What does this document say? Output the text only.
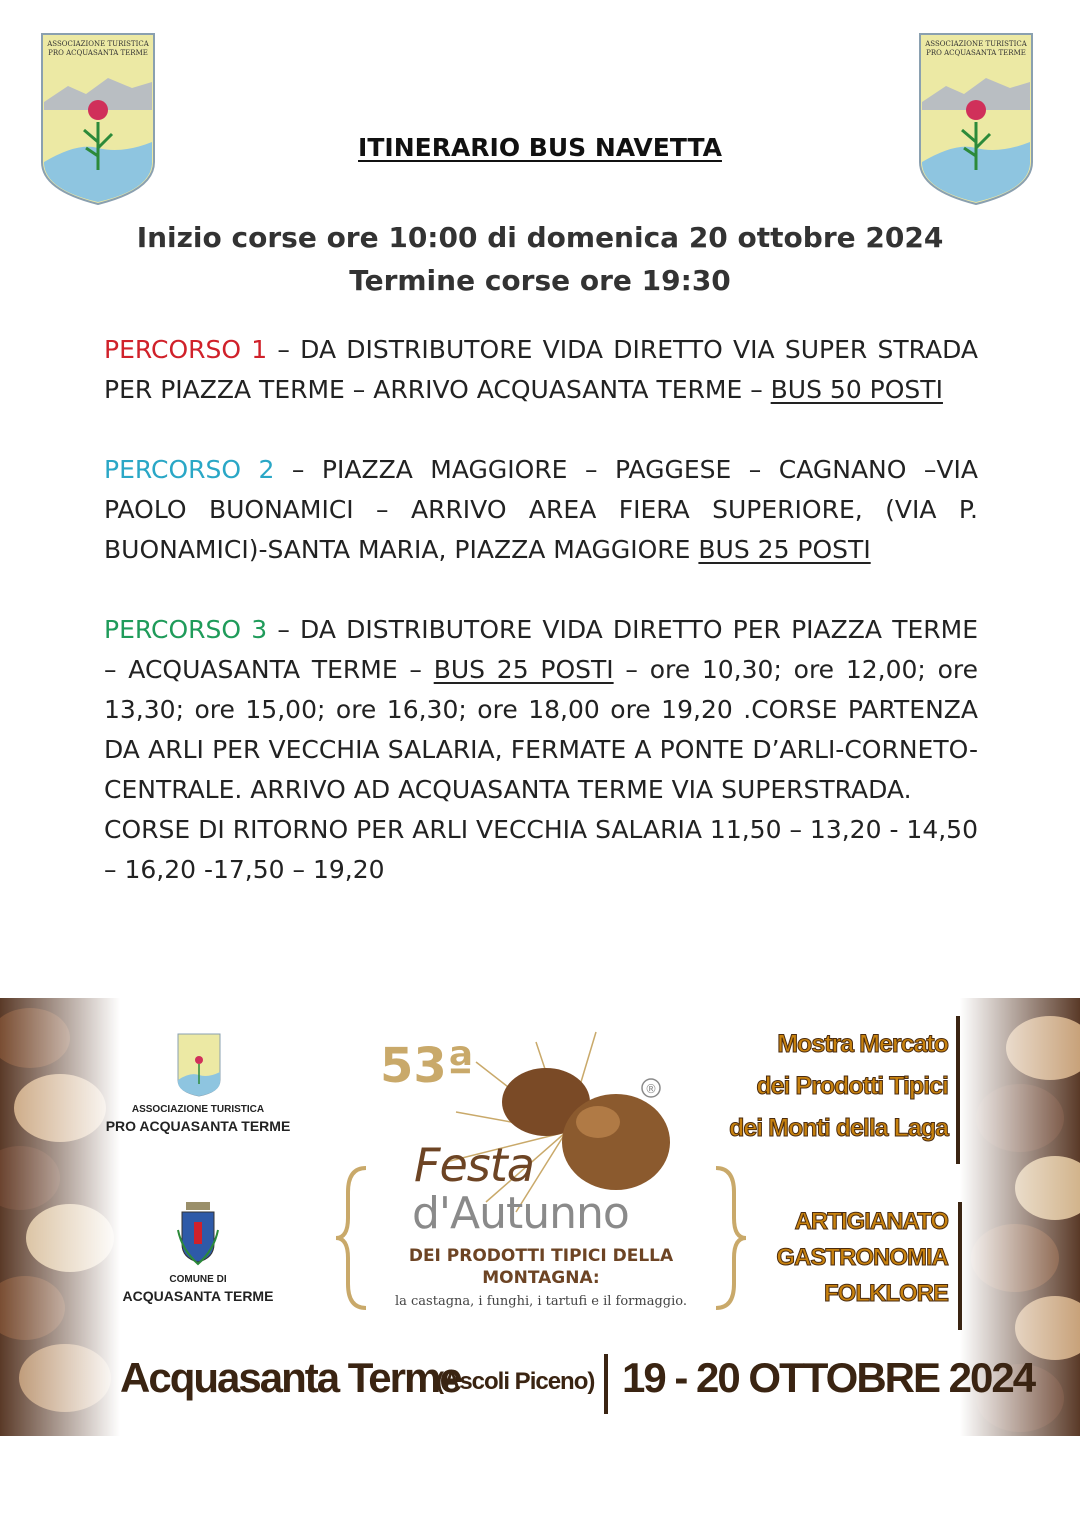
ASSOCIAZIONE TURISTICA
PRO ACQUASANTA TERME
ASSOCIAZIONE TURISTICA
PRO ACQUASANTA TERME
ITINERARIO BUS NAVETTA
Inizio corse ore 10:00 di domenica 20 ottobre 2024
Termine corse ore 19:30

PERCORSO 1 – DA DISTRIBUTORE VIDA DIRETTO VIA SUPER STRADA PER PIAZZA TERME – ARRIVO ACQUASANTA TERME – BUS 50 POSTI

PERCORSO 2 – PIAZZA MAGGIORE – PAGGESE – CAGNANO –VIA PAOLO BUONAMICI – ARRIVO AREA FIERA SUPERIORE, (VIA P. BUONAMICI)-SANTA MARIA, PIAZZA MAGGIORE BUS 25 POSTI

PERCORSO 3 – DA DISTRIBUTORE VIDA DIRETTO PER PIAZZA TERME – ACQUASANTA TERME – BUS 25 POSTI – ore 10,30; ore 12,00; ore 13,30; ore 15,00; ore 16,30; ore 18,00 ore 19,20 .CORSE PARTENZA DA ARLI PER VECCHIA SALARIA, FERMATE A PONTE D’ARLI-CORNETO-CENTRALE. ARRIVO AD ACQUASANTA TERME VIA SUPERSTRADA.

CORSE DI RITORNO PER ARLI VECCHIA SALARIA 11,50 – 13,20 - 14,50 – 16,20 -17,50 – 19,20

ASSOCIAZIONE TURISTICA
PRO ACQUASANTA TERME
COMUNE DI
ACQUASANTA TERME
®
53ª
Festa
d'Autunno
DEI PRODOTTI TIPICI DELLA
MONTAGNA:
la castagna, i funghi, i tartufi e il formaggio.
Mostra Mercato
dei Prodotti Tipici
dei Monti della Laga
ARTIGIANATO
GASTRONOMIA
FOLKLORE
Acquasanta Terme
(Ascoli Piceno) 19 - 20 OTTOBRE 2024
